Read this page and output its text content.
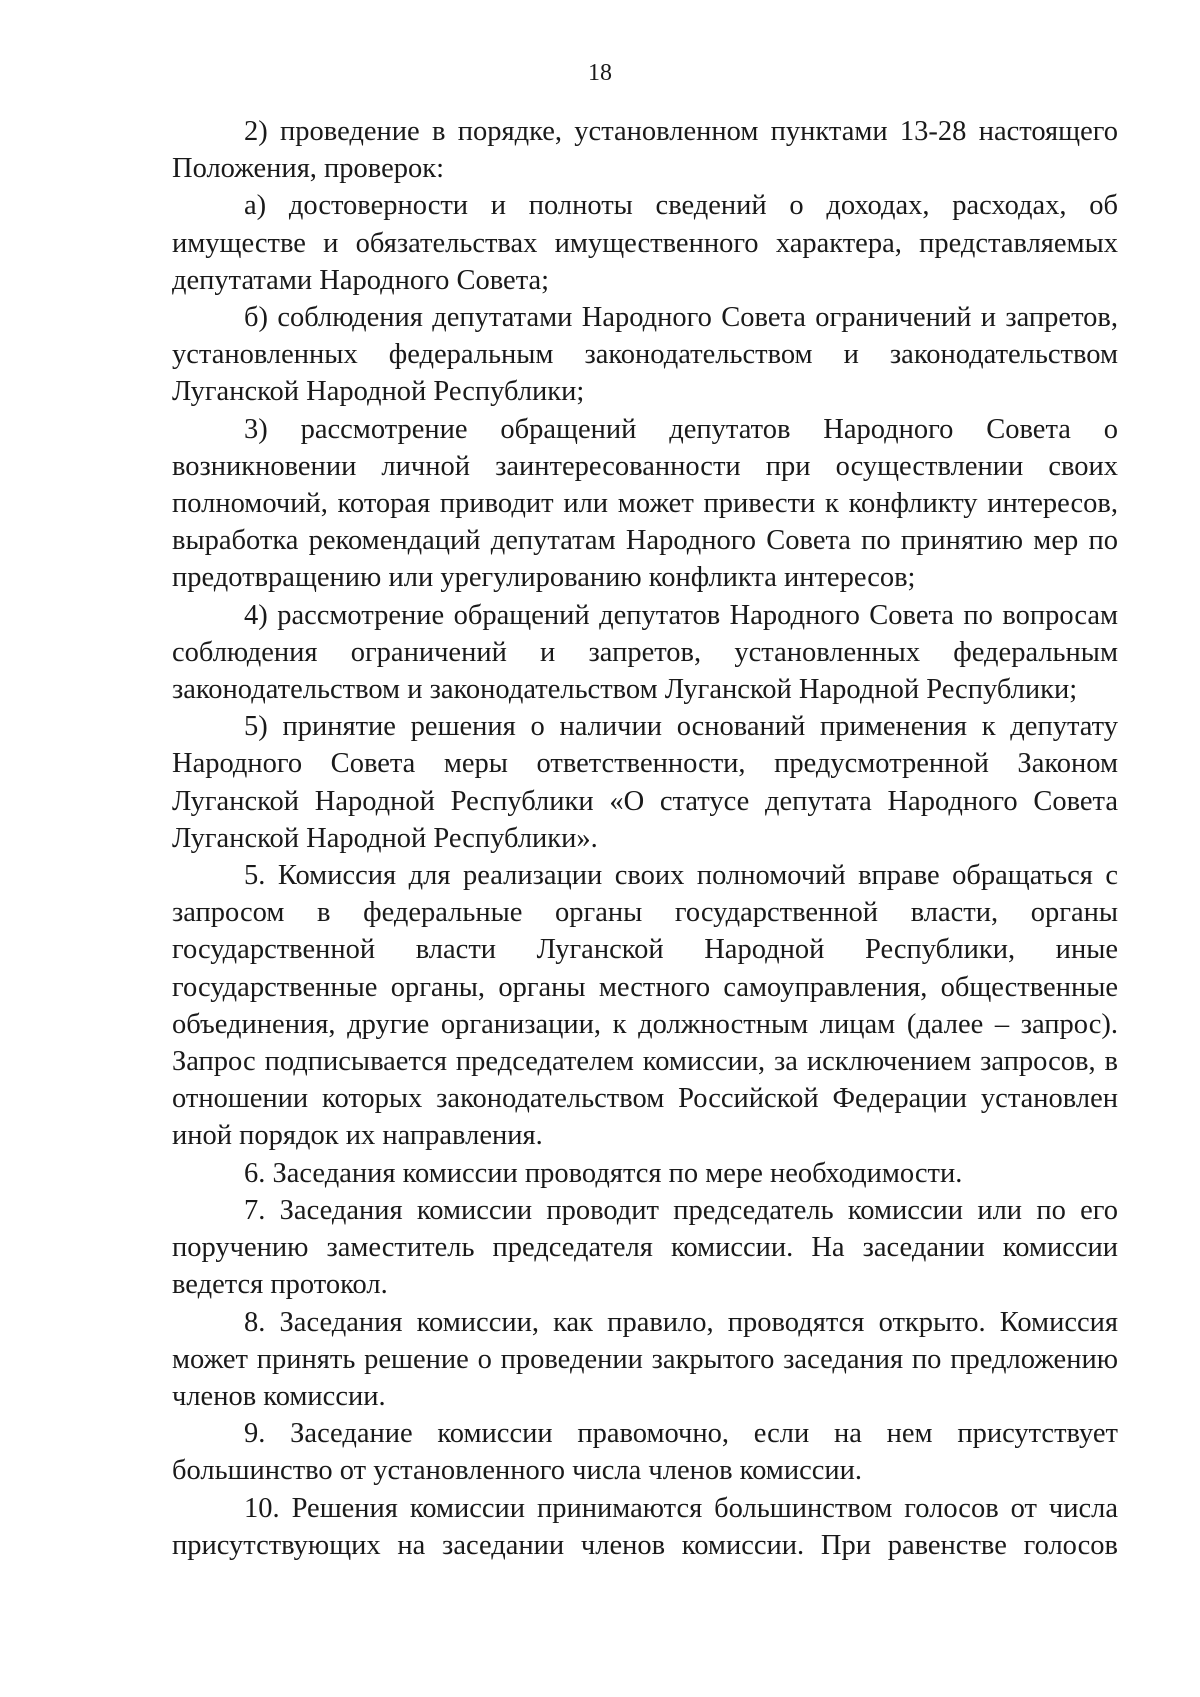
18

2) проведение в порядке, установленном пунктами 13-28 настоящего Положения, проверок:

а) достоверности и полноты сведений о доходах, расходах, об имуществе и обязательствах имущественного характера, представляемых депутатами Народного Совета;

б) соблюдения депутатами Народного Совета ограничений и запретов, установленных федеральным законодательством и законодательством Луганской Народной Республики;

3) рассмотрение обращений депутатов Народного Совета о возникновении личной заинтересованности при осуществлении своих полномочий, которая приводит или может привести к конфликту интересов, выработка рекомендаций депутатам Народного Совета по принятию мер по предотвращению или урегулированию конфликта интересов;

4) рассмотрение обращений депутатов Народного Совета по вопросам соблюдения ограничений и запретов, установленных федеральным законодательством и законодательством Луганской Народной Республики;

5) принятие решения о наличии оснований применения к депутату Народного Совета меры ответственности, предусмотренной Законом Луганской Народной Республики «О статусе депутата Народного Совета Луганской Народной Республики».

5. Комиссия для реализации своих полномочий вправе обращаться с запросом в федеральные органы государственной власти, органы государственной власти Луганской Народной Республики, иные государственные органы, органы местного самоуправления, общественные объединения, другие организации, к должностным лицам (далее – запрос). Запрос подписывается председателем комиссии, за исключением запросов, в отношении которых законодательством Российской Федерации установлен иной порядок их направления.

6. Заседания комиссии проводятся по мере необходимости.

7. Заседания комиссии проводит председатель комиссии или по его поручению заместитель председателя комиссии. На заседании комиссии ведется протокол.

8. Заседания комиссии, как правило, проводятся открыто. Комиссия может принять решение о проведении закрытого заседания по предложению членов комиссии.

9. Заседание комиссии правомочно, если на нем присутствует большинство от установленного числа членов комиссии.

10. Решения комиссии принимаются большинством голосов от числа присутствующих на заседании членов комиссии. При равенстве голосов
